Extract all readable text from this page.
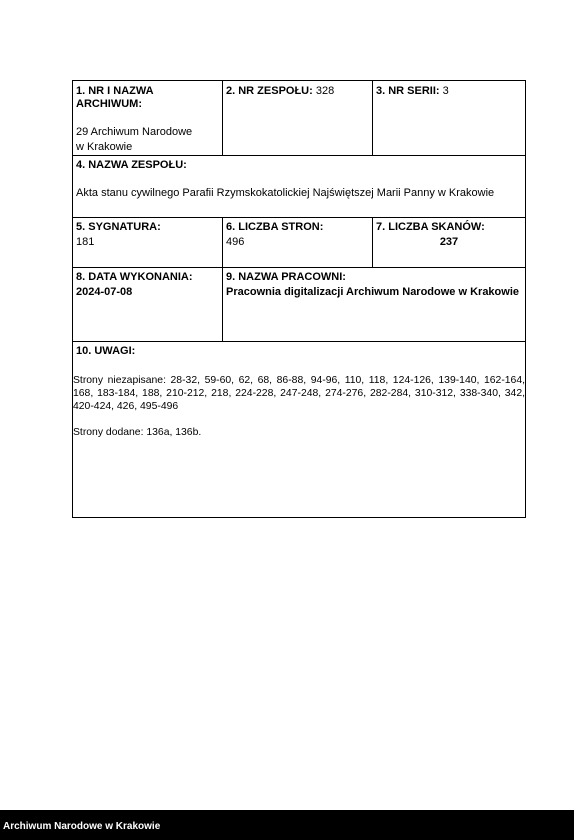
1. NR I NAZWA ARCHIWUM:
29 Archiwum Narodowe
w Krakowie
2. NR ZESPOŁU: 328	3. NR SERII: 3
4. NAZWA ZESPOŁU:
Akta stanu cywilnego Parafii Rzymskokatolickiej Najświętszej Marii Panny w Krakowie
5. SYGNATURA:
181
6. LICZBA STRON:
496
7. LICZBA SKANÓW:
237
8. DATA WYKONANIA:
2024-07-08
9. NAZWA PRACOWNI:
Pracownia digitalizacji Archiwum Narodowe w Krakowie
10. UWAGI:
Strony niezapisane: 28-32, 59-60, 62, 68, 86-88, 94-96, 110, 118, 124-126, 139-140, 162-164, 168, 183-184, 188, 210-212, 218, 224-228, 247-248, 274-276, 282-284, 310-312, 338-340, 342, 420-424, 426, 495-496
Strony dodane: 136a, 136b.
Archiwum Narodowe w Krakowie
